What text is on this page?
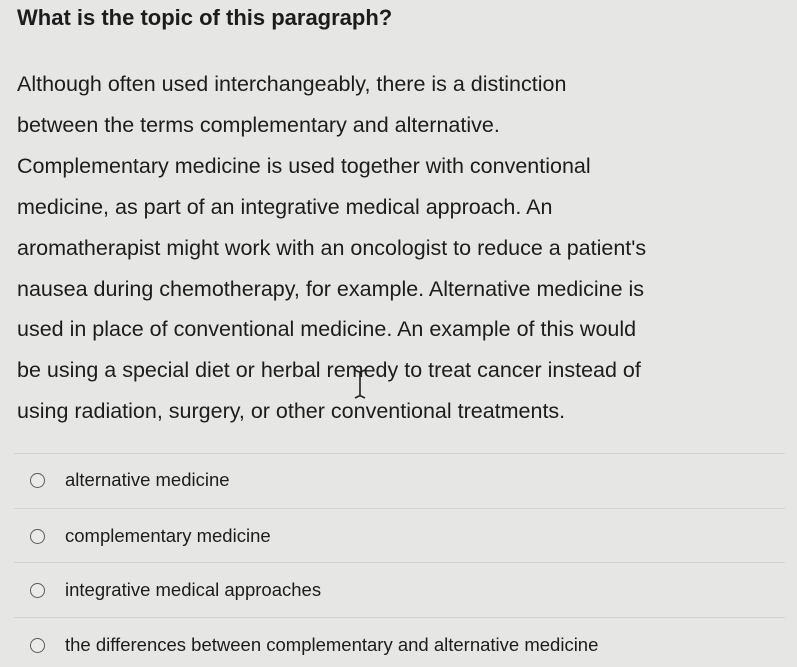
What is the topic of this paragraph?

Although often used interchangeably, there is a distinction
between the terms complementary and alternative.
Complementary medicine is used together with conventional
medicine, as part of an integrative medical approach. An
aromatherapist might work with an oncologist to reduce a patient's
nausea during chemotherapy, for example. Alternative medicine is
used in place of conventional medicine. An example of this would
be using a special diet or herbal remedy to treat cancer instead of
using radiation, surgery, or other conventional treatments.

alternative medicine
complementary medicine
integrative medical approaches
the differences between complementary and alternative medicine
